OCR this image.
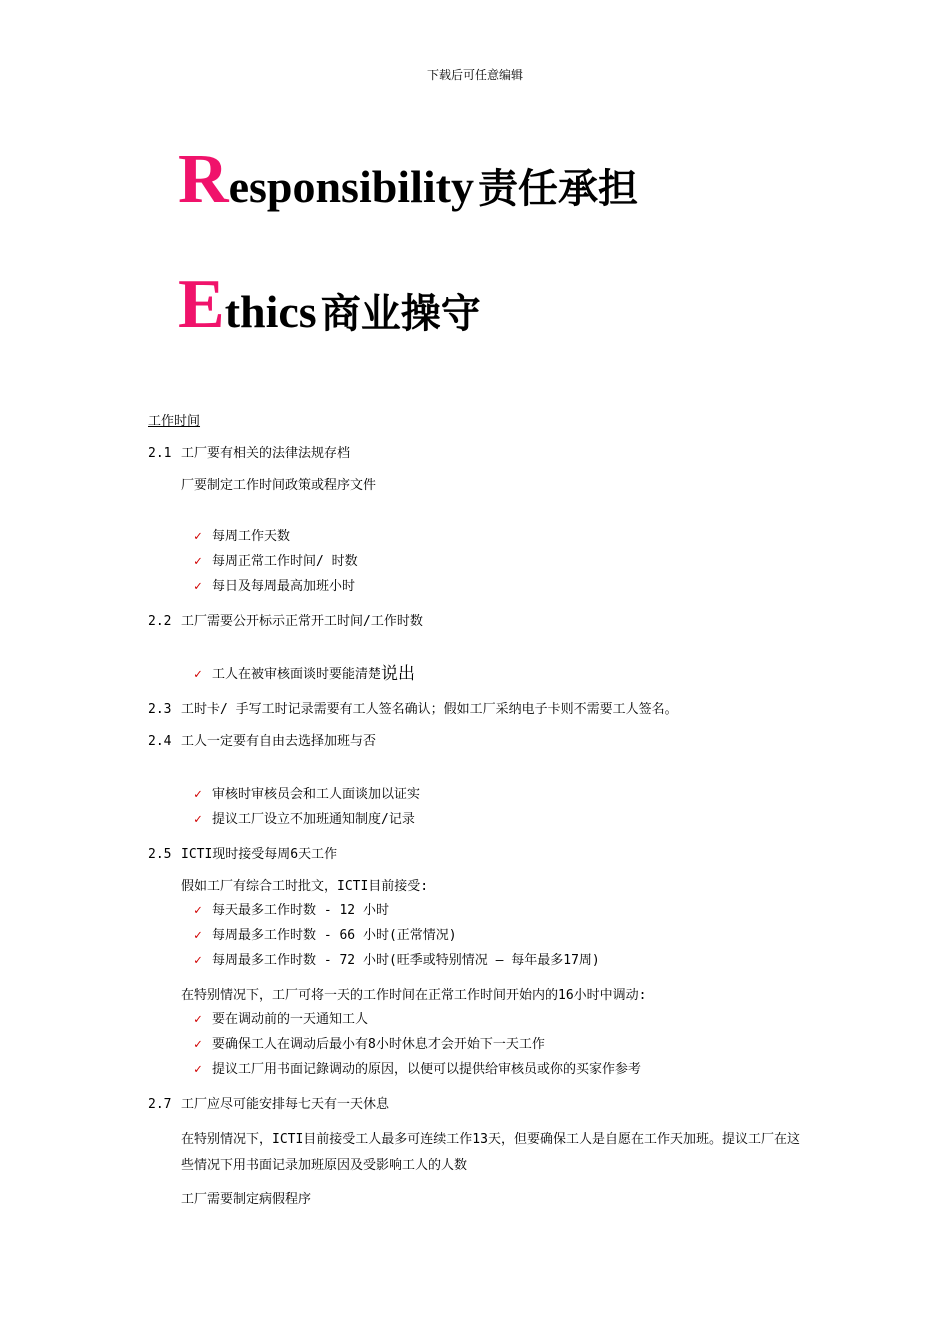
下载后可任意编辑
Responsibility 责任承担
Ethics 商业操守
工作时间
2.1 工厂要有相关的法律法规存档
厂要制定工作时间政策或程序文件
✓ 每周工作天数
✓ 每周正常工作时间/ 时数
✓ 每日及每周最高加班小时
2.2 工厂需要公开标示正常开工时间/工作时数
✓ 工人在被审核面谈时要能清楚 说出
2.3 工时卡/ 手写工时记录需要有工人签名确认；假如工厂采纳电子卡则不需要工人签名。
2.4 工人一定要有自由去选择加班与否
✓ 审核时审核员会和工人面谈加以证实
✓ 提议工厂设立不加班通知制度/记录
2.5 ICTI现时接受每周6天工作
假如工厂有综合工时批文，ICTI目前接受:
✓ 每天最多工作时数 - 12 小时
✓ 每周最多工作时数 - 66 小时(正常情况)
✓ 每周最多工作时数 - 72 小时(旺季或特别情况 – 每年最多17周)
在特别情况下，工厂可将一天的工作时间在正常工作时间开始内的16小时中调动:
✓ 要在调动前的一天通知工人
✓ 要确保工人在调动后最小有8小时休息才会开始下一天工作
✓ 提议工厂用书面记錄调动的原因，以便可以提供给审核员或你的买家作参考
2.7 工厂应尽可能安排每七天有一天休息
在特别情况下，ICTI目前接受工人最多可连续工作13天，但要确保工人是自愿在工作天加班。提议工厂在这些情况下用书面记录加班原因及受影响工人的人数
工厂需要制定病假程序
